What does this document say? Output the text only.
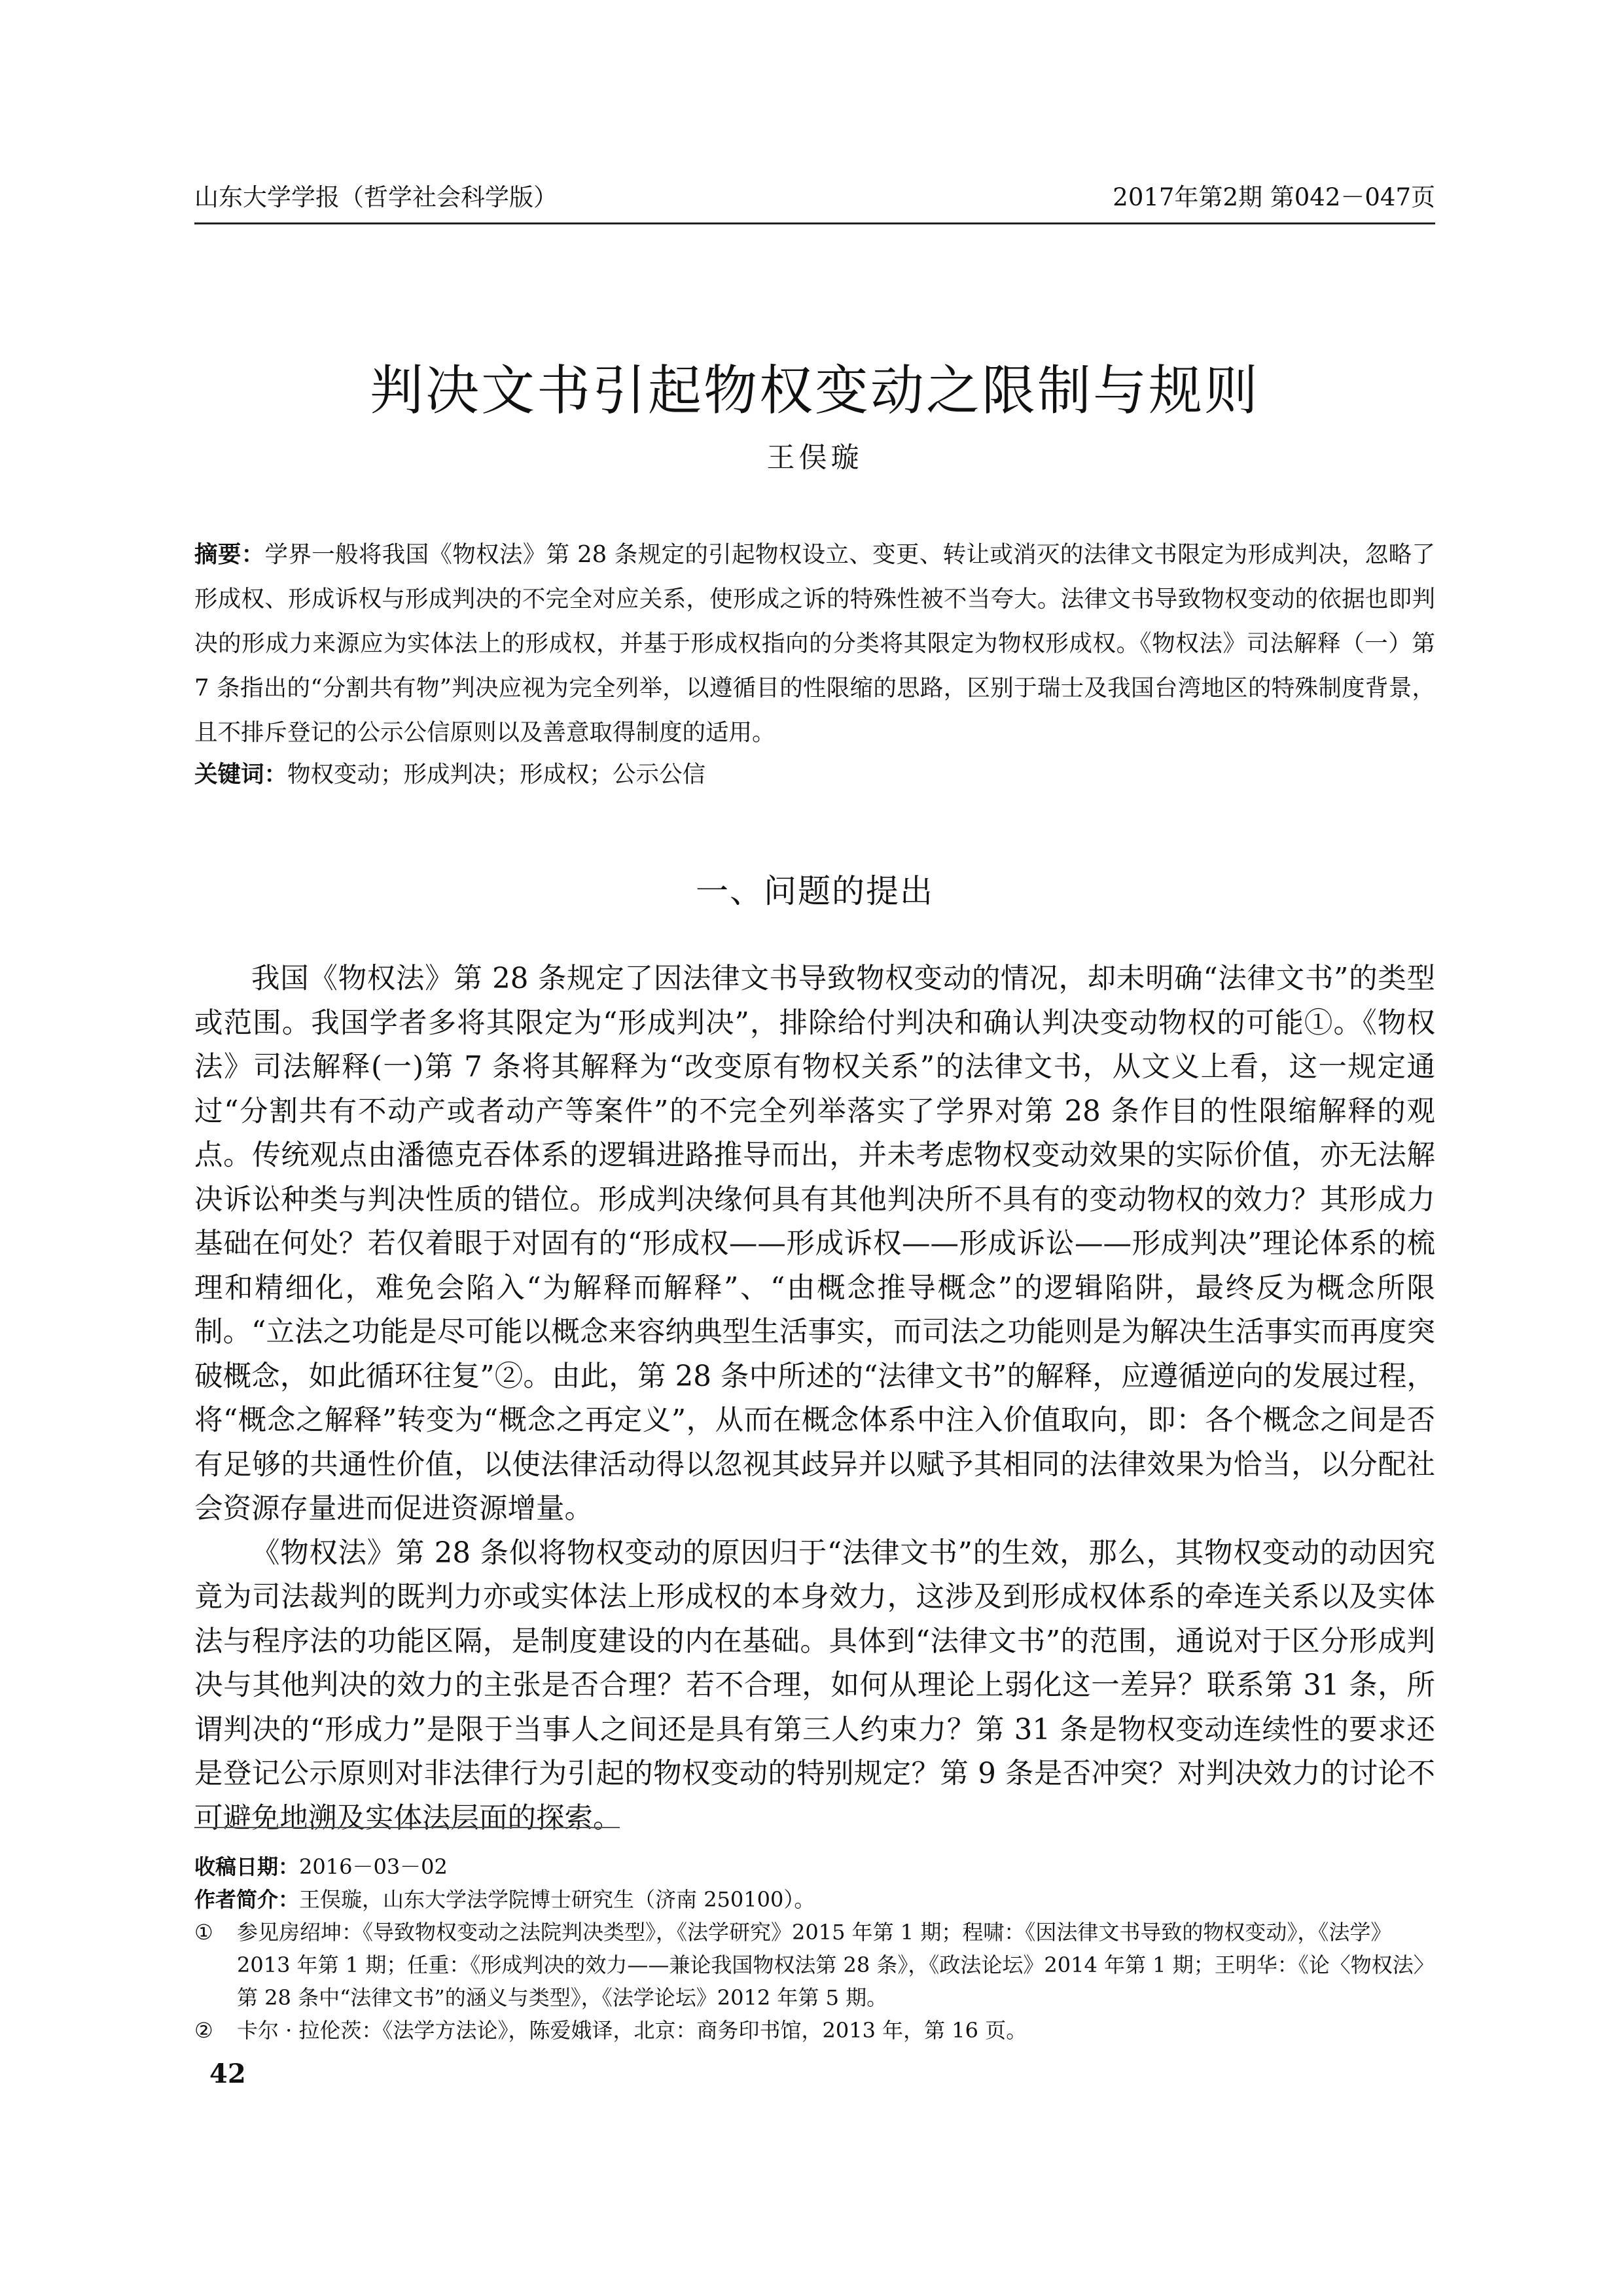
山东大学学报（哲学社会科学版）	2017年第2期 第042－047页
判决文书引起物权变动之限制与规则
王俣璇
摘要：学界一般将我国《物权法》第 28 条规定的引起物权设立、变更、转让或消灭的法律文书限定为形成判决，忽略了形成权、形成诉权与形成判决的不完全对应关系，使形成之诉的特殊性被不当夸大。法律文书导致物权变动的依据也即判决的形成力来源应为实体法上的形成权，并基于形成权指向的分类将其限定为物权形成权。《物权法》司法解释（一）第 7 条指出的“分割共有物”判决应视为完全列举，以遵循目的性限缩的思路，区别于瑞士及我国台湾地区的特殊制度背景，且不排斥登记的公示公信原则以及善意取得制度的适用。
关键词：物权变动；形成判决；形成权；公示公信
一、问题的提出

我国《物权法》第 28 条规定了因法律文书导致物权变动的情况，却未明确“法律文书”的类型或范围。我国学者多将其限定为“形成判决”，排除给付判决和确认判决变动物权的可能①。《物权法》司法解释(一)第 7 条将其解释为“改变原有物权关系”的法律文书，从文义上看，这一规定通过“分割共有不动产或者动产等案件”的不完全列举落实了学界对第 28 条作目的性限缩解释的观点。传统观点由潘德克吞体系的逻辑进路推导而出，并未考虑物权变动效果的实际价值，亦无法解决诉讼种类与判决性质的错位。形成判决缘何具有其他判决所不具有的变动物权的效力？其形成力基础在何处？若仅着眼于对固有的“形成权——形成诉权——形成诉讼——形成判决”理论体系的梳理和精细化，难免会陷入“为解释而解释”、“由概念推导概念”的逻辑陷阱，最终反为概念所限制。“立法之功能是尽可能以概念来容纳典型生活事实，而司法之功能则是为解决生活事实而再度突破概念，如此循环往复”②。由此，第 28 条中所述的“法律文书”的解释，应遵循逆向的发展过程，将“概念之解释”转变为“概念之再定义”，从而在概念体系中注入价值取向，即：各个概念之间是否有足够的共通性价值，以使法律活动得以忽视其歧异并以赋予其相同的法律效果为恰当，以分配社会资源存量进而促进资源增量。

《物权法》第 28 条似将物权变动的原因归于“法律文书”的生效，那么，其物权变动的动因究竟为司法裁判的既判力亦或实体法上形成权的本身效力，这涉及到形成权体系的牵连关系以及实体法与程序法的功能区隔，是制度建设的内在基础。具体到“法律文书”的范围，通说对于区分形成判决与其他判决的效力的主张是否合理？若不合理，如何从理论上弱化这一差异？联系第 31 条，所谓判决的“形成力”是限于当事人之间还是具有第三人约束力？第 31 条是物权变动连续性的要求还是登记公示原则对非法律行为引起的物权变动的特别规定？第 9 条是否冲突？对判决效力的讨论不可避免地溯及实体法层面的探索。

收稿日期：2016－03－02

作者简介：王俣璇，山东大学法学院博士研究生（济南 250100）。

① 参见房绍坤：《导致物权变动之法院判决类型》，《法学研究》2015 年第 1 期；程啸：《因法律文书导致的物权变动》，《法学》2013 年第 1 期；任重：《形成判决的效力——兼论我国物权法第 28 条》，《政法论坛》2014 年第 1 期；王明华：《论〈物权法〉第 28 条中“法律文书”的涵义与类型》，《法学论坛》2012 年第 5 期。

② 卡尔 · 拉伦茨：《法学方法论》，陈爱娥译，北京：商务印书馆，2013 年，第 16 页。

42
